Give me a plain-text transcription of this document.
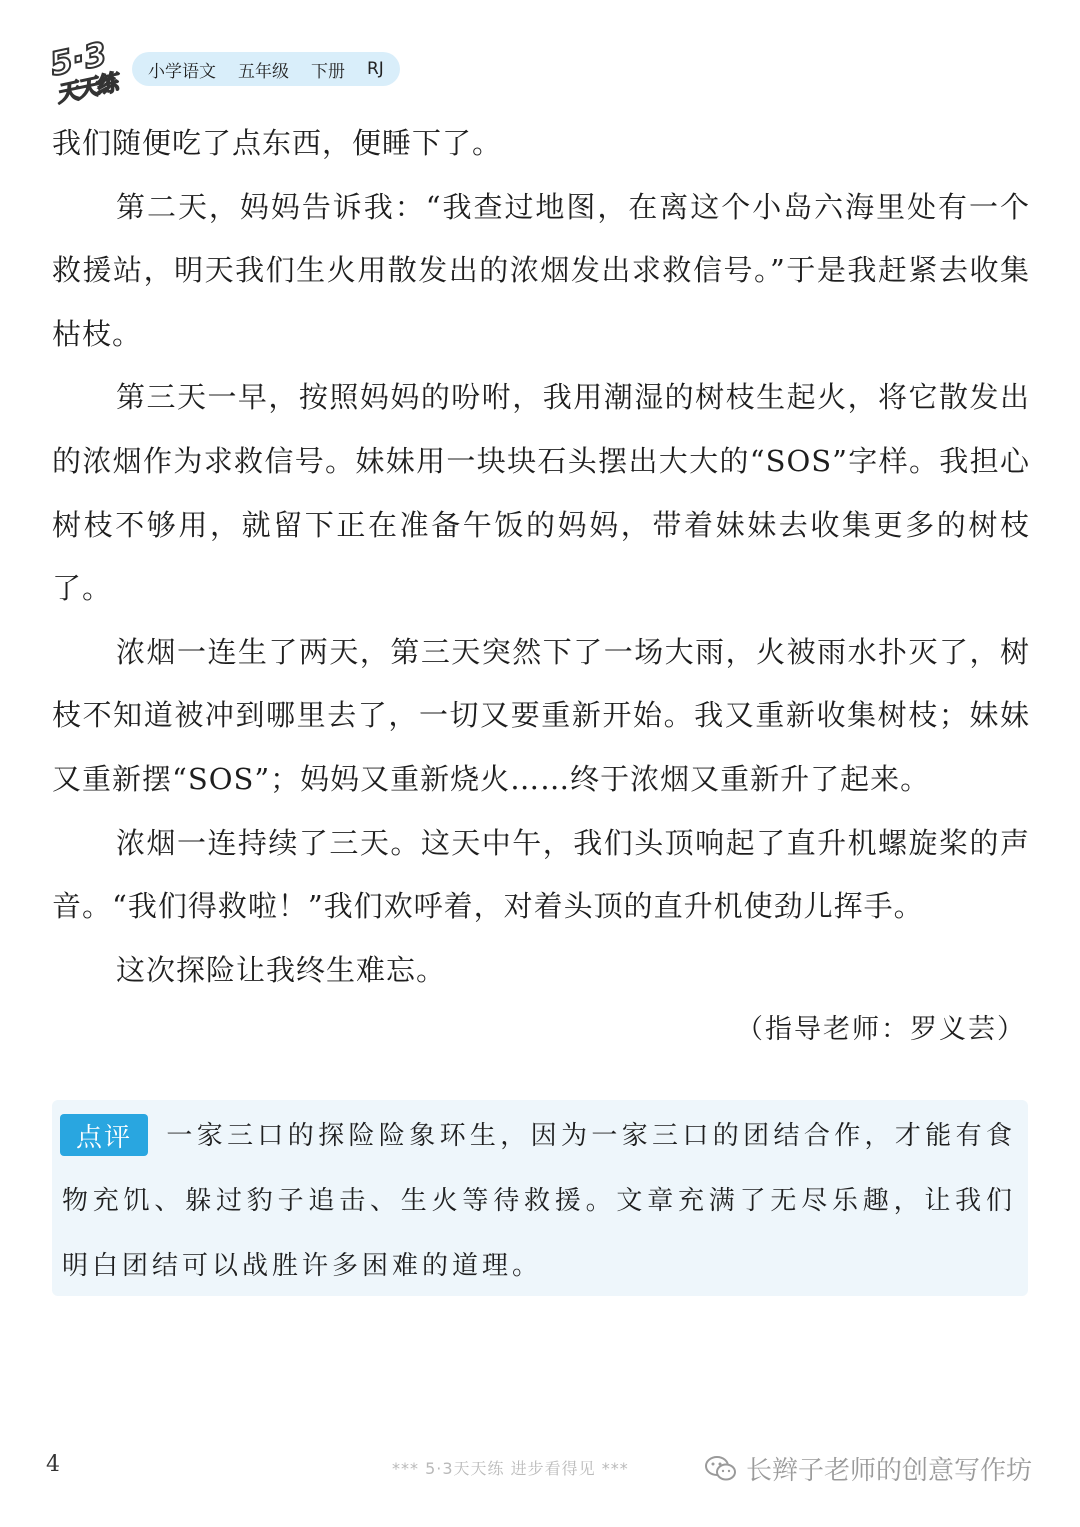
5·3
天天练 小学语文 五年级 下册 RJ

我们随便吃了点东西，便睡下了。

第二天，妈妈告诉我：“我查过地图，在离这个小岛六海里处有一个救援站，明天我们生火用散发出的浓烟发出求救信号。”于是我赶紧去收集枯枝。

第三天一早，按照妈妈的吩咐，我用潮湿的树枝生起火，将它散发出的浓烟作为求救信号。妹妹用一块块石头摆出大大的“SOS”字样。我担心树枝不够用，就留下正在准备午饭的妈妈，带着妹妹去收集更多的树枝了。

浓烟一连生了两天，第三天突然下了一场大雨，火被雨水扑灭了，树枝不知道被冲到哪里去了，一切又要重新开始。我又重新收集树枝；妹妹又重新摆“SOS”；妈妈又重新烧火……终于浓烟又重新升了起来。

浓烟一连持续了三天。这天中午，我们头顶响起了直升机螺旋桨的声音。“我们得救啦！”我们欢呼着，对着头顶的直升机使劲儿挥手。

这次探险让我终生难忘。

（指导老师：罗义芸）
点评	一家三口的探险险象环生，因为一家三口的团结合作，才能有食物充饥、躲过豹子追击、生火等待救援。文章充满了无尽乐趣，让我们明白团结可以战胜许多困难的道理。
4	*** 5·3天天练 进步看得见 ***	长辫子老师的创意写作坊
